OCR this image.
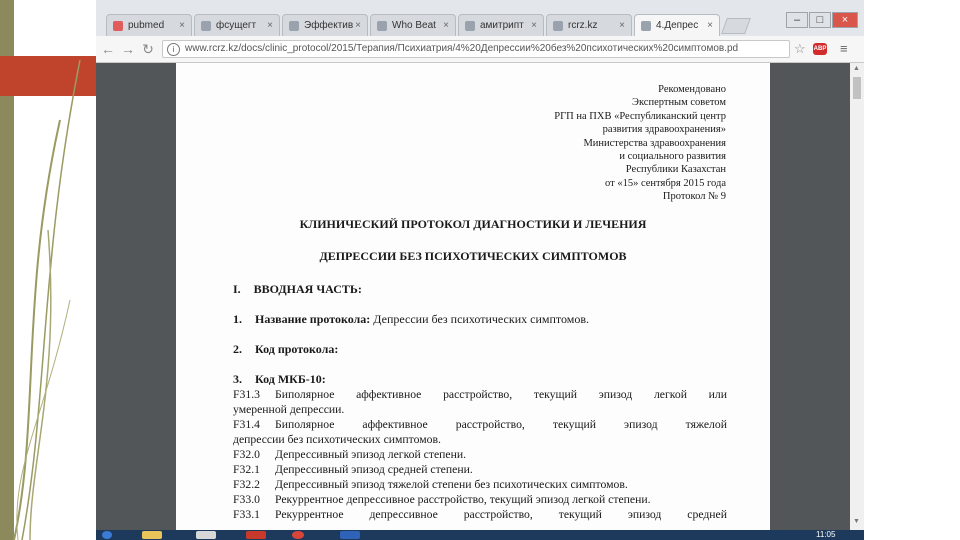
pubmed	×	фсущегт	×	Эффектив ×	Who Beat ×	амитрипт ×	rcrz.kz	×	4.Депрес ×	–	□	×
← → ↻	i	www.rcrz.kz/docs/clinic_protocol/2015/Терапия/Психиатрия/4%20Депрессии%20без%20психотических%20симптомов.pd	☆ ABP ≡
Рекомендовано
Экспертным советом
РГП на ПХВ «Республиканский центр
развития здравоохранения»
Министерства здравоохранения
и социального развития
Республики Казахстан
от «15» сентября 2015 года
Протокол № 9
КЛИНИЧЕСКИЙ ПРОТОКОЛ ДИАГНОСТИКИ И ЛЕЧЕНИЯ
ДЕПРЕССИИ БЕЗ ПСИХОТИЧЕСКИХ СИМПТОМОВ
I. ВВОДНАЯ ЧАСТЬ:
1. Название протокола: Депрессии без психотических симптомов.
2. Код протокола:
3. Код МКБ-10:
F31.3	Биполярное аффективное расстройство, текущий эпизод легкой или
умеренной депрессии.
F31.4	Биполярное аффективное расстройство, текущий эпизод тяжелой
депрессии без психотических симптомов.
F32.0	Депрессивный эпизод легкой степени.
F32.1	Депрессивный эпизод средней степени.
F32.2	Депрессивный эпизод тяжелой степени без психотических симптомов.
F33.0	Рекуррентное депрессивное расстройство, текущий эпизод легкой степени.
F33.1	Рекуррентное депрессивное расстройство, текущий эпизод средней
▲
▼
11:05
